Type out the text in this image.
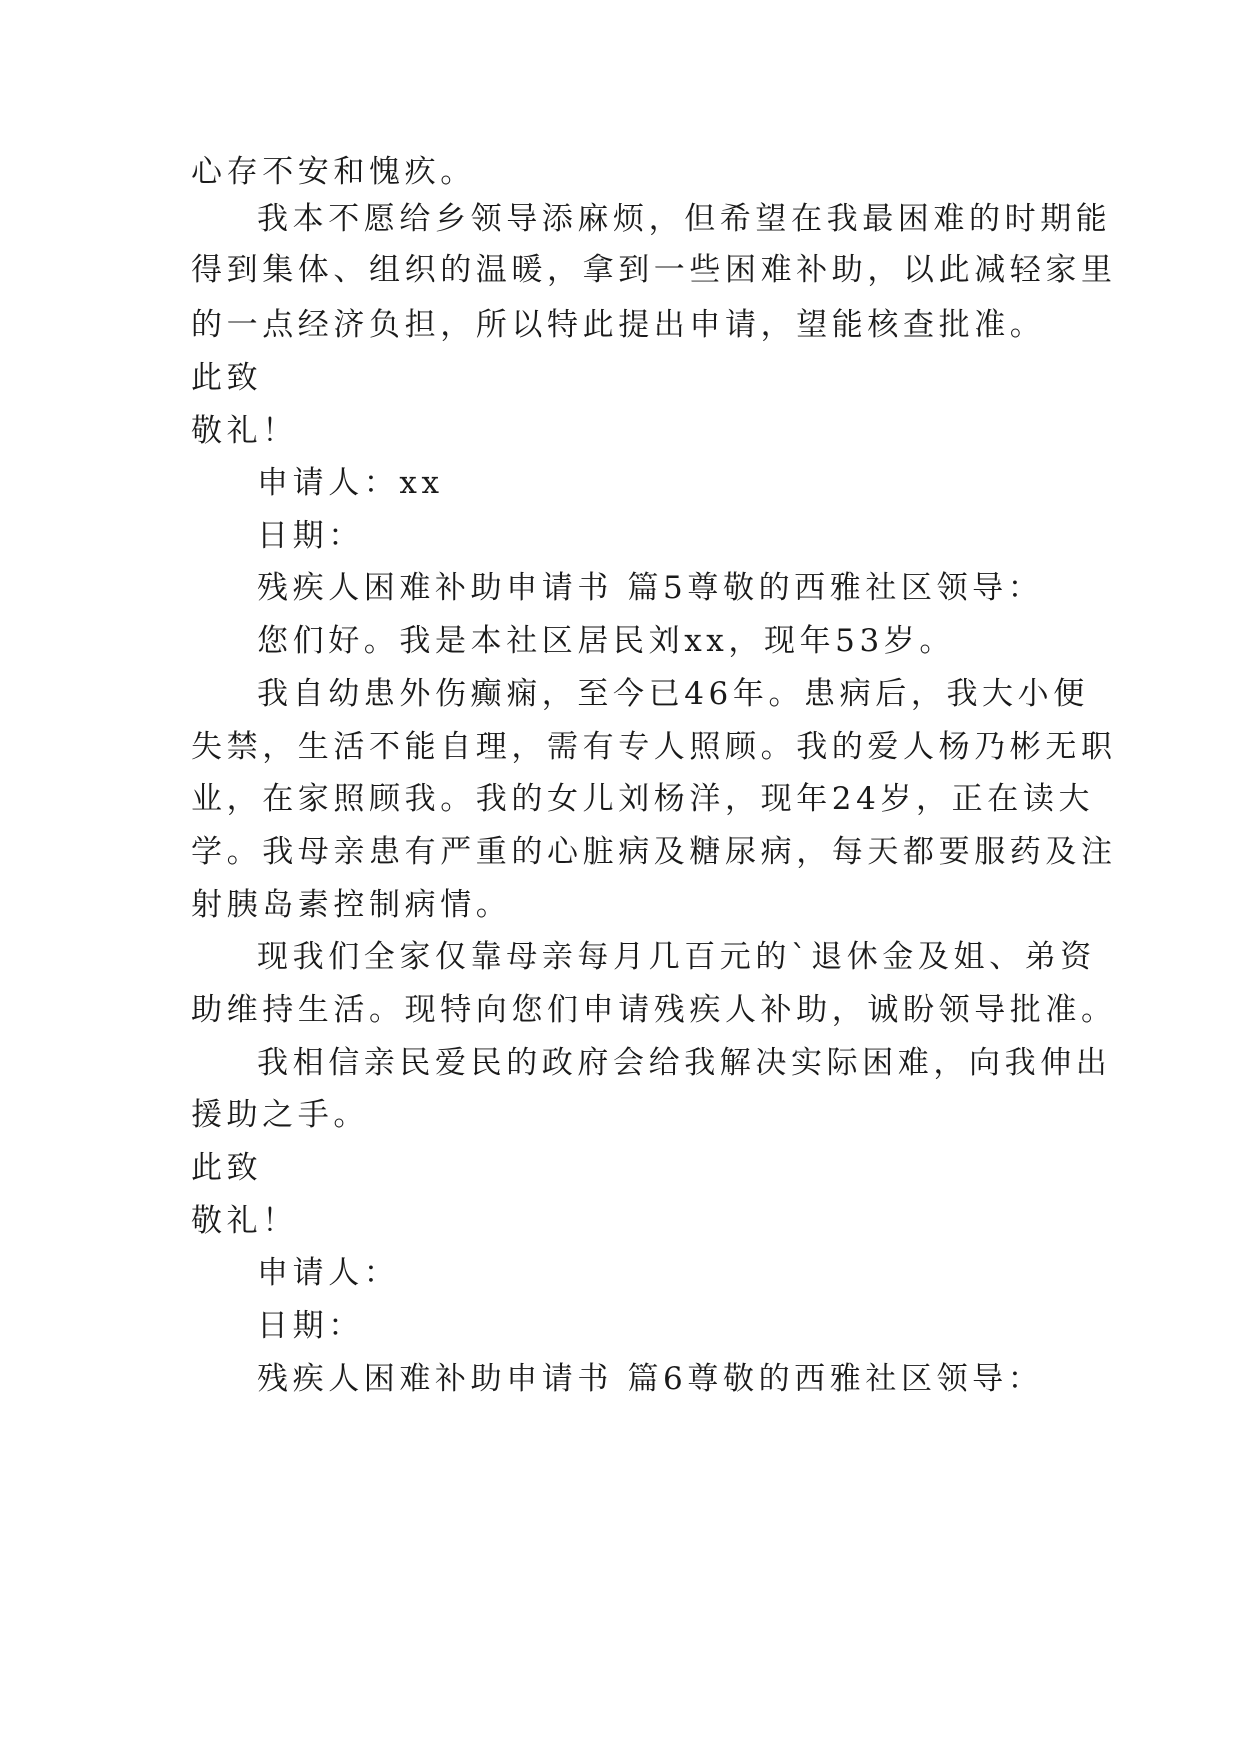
心存不安和愧疚。
我本不愿给乡领导添麻烦，但希望在我最困难的时期能
得到集体、组织的温暖，拿到一些困难补助，以此减轻家里
的一点经济负担，所以特此提出申请，望能核查批准。
此致
敬礼！
申请人：xx
日期：
残疾人困难补助申请书 篇5尊敬的西雅社区领导：
您们好。我是本社区居民刘xx，现年53岁。
我自幼患外伤癫痫，至今已46年。患病后，我大小便
失禁，生活不能自理，需有专人照顾。我的爱人杨乃彬无职
业，在家照顾我。我的女儿刘杨洋，现年24岁，正在读大
学。我母亲患有严重的心脏病及糖尿病，每天都要服药及注
射胰岛素控制病情。
现我们全家仅靠母亲每月几百元的`退休金及姐、弟资
助维持生活。现特向您们申请残疾人补助，诚盼领导批准。
我相信亲民爱民的政府会给我解决实际困难，向我伸出
援助之手。
此致
敬礼！
申请人：
日期：
残疾人困难补助申请书 篇6尊敬的西雅社区领导：
